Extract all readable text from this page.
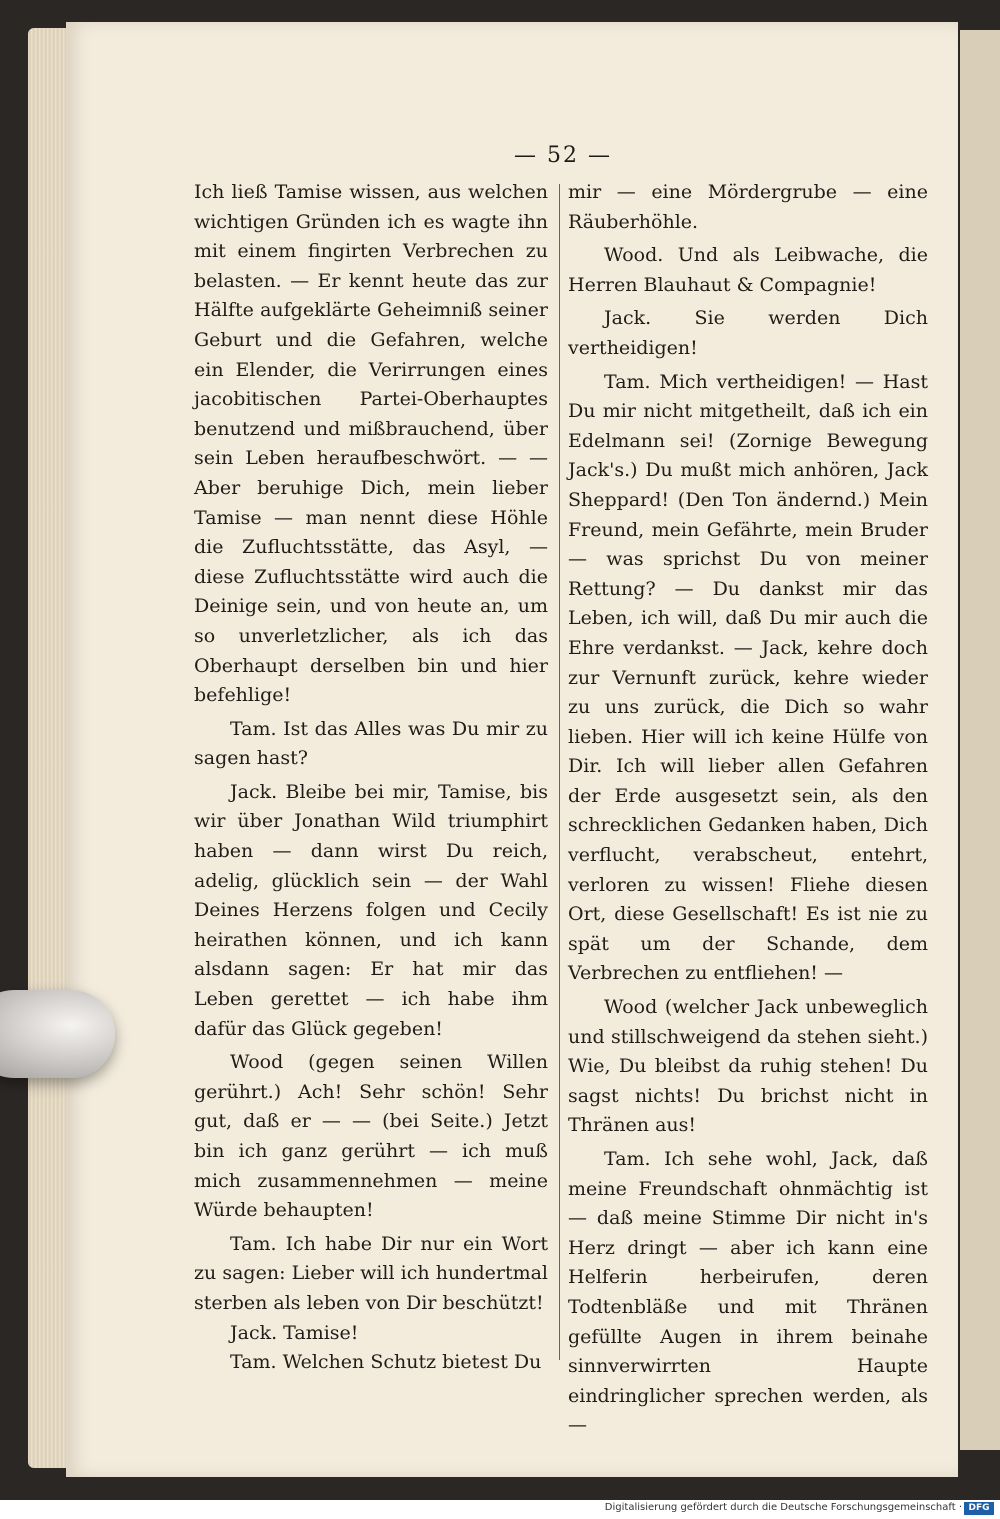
— 52 —

Ich ließ Tamise wissen, aus welchen wichtigen Gründen ich es wagte ihn mit einem fingirten Verbrechen zu belasten. — Er kennt heute das zur Hälfte aufgeklärte Geheimniß seiner Geburt und die Gefahren, welche ein Elender, die Verirrungen eines jacobitischen Partei-Oberhauptes benutzend und mißbrauchend, über sein Leben heraufbeschwört. — — Aber beruhige Dich, mein lieber Tamise — man nennt diese Höhle die Zufluchtsstätte, das Asyl, — diese Zufluchtsstätte wird auch die Deinige sein, und von heute an, um so unverletzlicher, als ich das Oberhaupt derselben bin und hier befehlige!

Tam. Ist das Alles was Du mir zu sagen hast?

Jack. Bleibe bei mir, Tamise, bis wir über Jonathan Wild triumphirt haben — dann wirst Du reich, adelig, glücklich sein — der Wahl Deines Herzens folgen und Cecily heirathen können, und ich kann alsdann sagen: Er hat mir das Leben gerettet — ich habe ihm dafür das Glück gegeben!

Wood (gegen seinen Willen gerührt.) Ach! Sehr schön! Sehr gut, daß er — — (bei Seite.) Jetzt bin ich ganz gerührt — ich muß mich zusammennehmen — meine Würde behaupten!

Tam. Ich habe Dir nur ein Wort zu sagen: Lieber will ich hundertmal sterben als leben von Dir beschützt!

Jack. Tamise!

Tam. Welchen Schutz bietest Du

mir — eine Mördergrube — eine Räuberhöhle.

Wood. Und als Leibwache, die Herren Blauhaut & Compagnie!

Jack. Sie werden Dich vertheidigen!

Tam. Mich vertheidigen! — Hast Du mir nicht mitgetheilt, daß ich ein Edelmann sei! (Zornige Bewegung Jack's.) Du mußt mich anhören, Jack Sheppard! (Den Ton ändernd.) Mein Freund, mein Gefährte, mein Bruder — was sprichst Du von meiner Rettung? — Du dankst mir das Leben, ich will, daß Du mir auch die Ehre verdankst. — Jack, kehre doch zur Vernunft zurück, kehre wieder zu uns zurück, die Dich so wahr lieben. Hier will ich keine Hülfe von Dir. Ich will lieber allen Gefahren der Erde ausgesetzt sein, als den schrecklichen Gedanken haben, Dich verflucht, verabscheut, entehrt, verloren zu wissen! Fliehe diesen Ort, diese Gesellschaft! Es ist nie zu spät um der Schande, dem Verbrechen zu entfliehen! —

Wood (welcher Jack unbeweglich und stillschweigend da stehen sieht.) Wie, Du bleibst da ruhig stehen! Du sagst nichts! Du brichst nicht in Thränen aus!

Tam. Ich sehe wohl, Jack, daß meine Freundschaft ohnmächtig ist — daß meine Stimme Dir nicht in's Herz dringt — aber ich kann eine Helferin herbeirufen, deren Todtenbläße und mit Thränen gefüllte Augen in ihrem beinahe sinnverwirrten Haupte eindringlicher sprechen werden, als —

Digitalisierung gefördert durch die Deutsche Forschungsgemeinschaft · DFG
